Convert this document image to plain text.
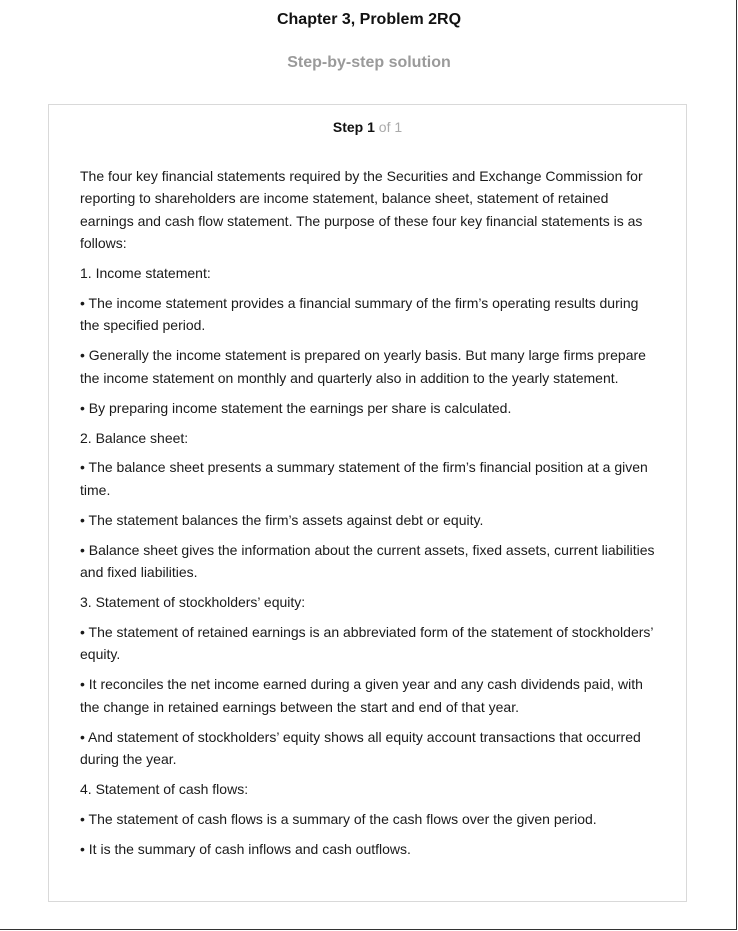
Chapter 3, Problem 2RQ
Step-by-step solution
Step 1 of 1

The four key financial statements required by the Securities and Exchange Commission for reporting to shareholders are income statement, balance sheet, statement of retained earnings and cash flow statement. The purpose of these four key financial statements is as follows:

1. Income statement:

• The income statement provides a financial summary of the firm’s operating results during the specified period.

• Generally the income statement is prepared on yearly basis. But many large firms prepare the income statement on monthly and quarterly also in addition to the yearly statement.

• By preparing income statement the earnings per share is calculated.

2. Balance sheet:

• The balance sheet presents a summary statement of the firm’s financial position at a given time.

• The statement balances the firm’s assets against debt or equity.

• Balance sheet gives the information about the current assets, fixed assets, current liabilities and fixed liabilities.

3. Statement of stockholders’ equity:

• The statement of retained earnings is an abbreviated form of the statement of stockholders’ equity.

• It reconciles the net income earned during a given year and any cash dividends paid, with the change in retained earnings between the start and end of that year.

• And statement of stockholders’ equity shows all equity account transactions that occurred during the year.

4. Statement of cash flows:

• The statement of cash flows is a summary of the cash flows over the given period.

• It is the summary of cash inflows and cash outflows.
